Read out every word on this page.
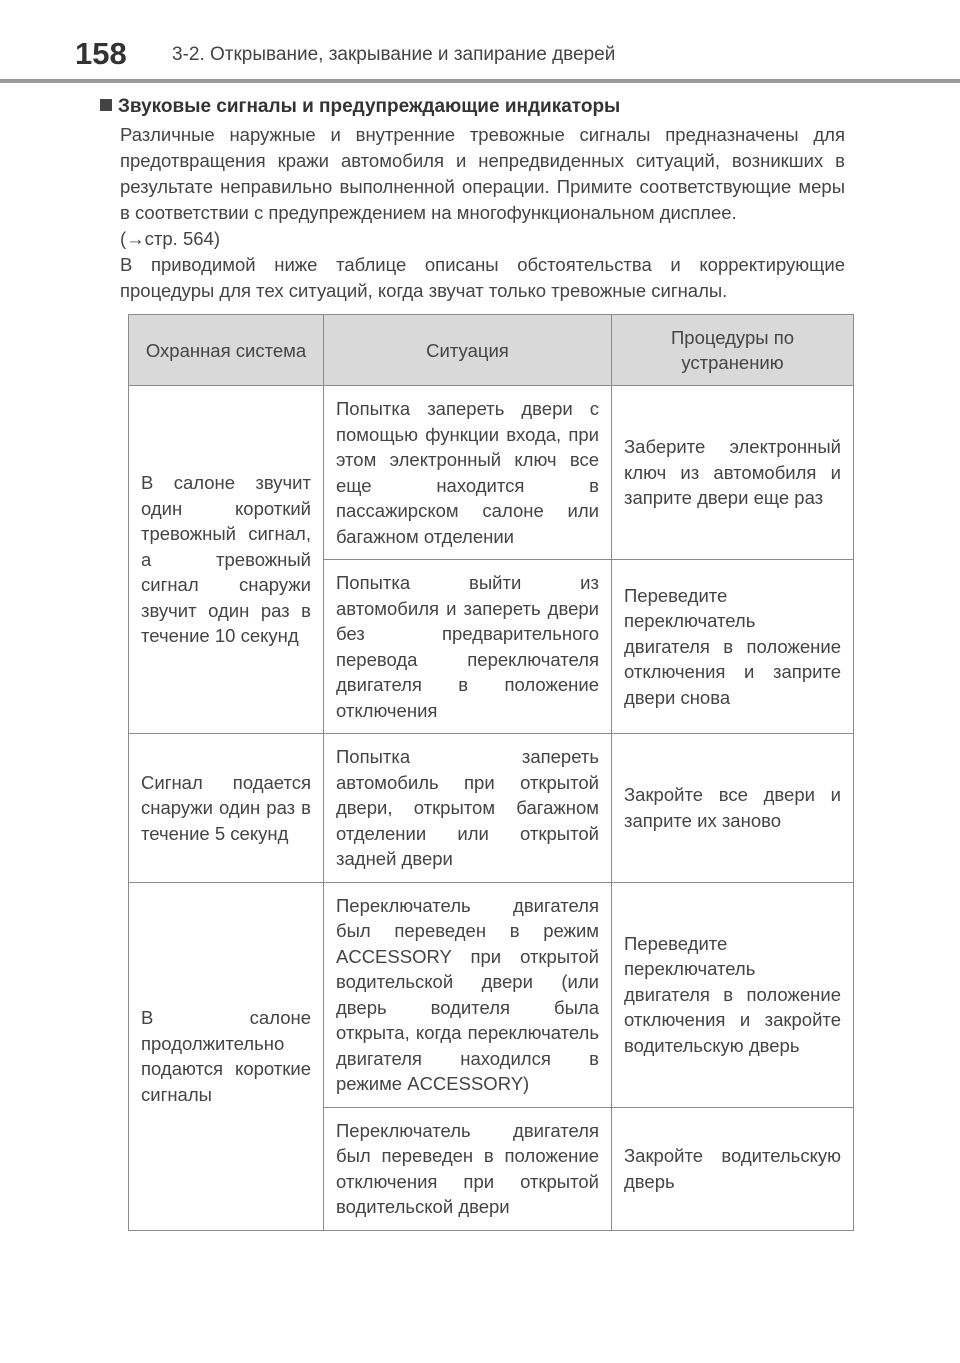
158 3-2. Открывание, закрывание и запирание дверей
Звуковые сигналы и предупреждающие индикаторы
Различные наружные и внутренние тревожные сигналы предназначены для предотвращения кражи автомобиля и непредвиденных ситуаций, возникших в результате неправильно выполненной операции. Примите соответствующие меры в соответствии с предупреждением на многофункциональном дисплее.
(→стр. 564)
В приводимой ниже таблице описаны обстоятельства и корректирующие процедуры для тех ситуаций, когда звучат только тревожные сигналы.
Охранная система	Ситуация	Процедуры по устранению
В салоне звучит один короткий тревожный сигнал, а тревожный сигнал снаружи звучит один раз в течение 10 секунд	Попытка запереть двери с помощью функции входа, при этом электронный ключ все еще находится в пассажирском салоне или багажном отделении	Заберите электронный ключ из автомобиля и заприте двери еще раз
	Попытка выйти из автомобиля и запереть двери без предварительного перевода переключателя двигателя в положение отключения	Переведите переключатель двигателя в положение отключения и заприте двери снова
Сигнал подается снаружи один раз в течение 5 секунд	Попытка запереть автомобиль при открытой двери, открытом багажном отделении или открытой задней двери	Закройте все двери и заприте их заново
В салоне продолжительно подаются короткие сигналы	Переключатель двигателя был переведен в режим ACCESSORY при открытой водительской двери (или дверь водителя была открыта, когда переключатель двигателя находился в режиме ACCESSORY)	Переведите переключатель двигателя в положение отключения и закройте водительскую дверь
	Переключатель двигателя был переведен в положение отключения при открытой водительской двери	Закройте водительскую дверь
